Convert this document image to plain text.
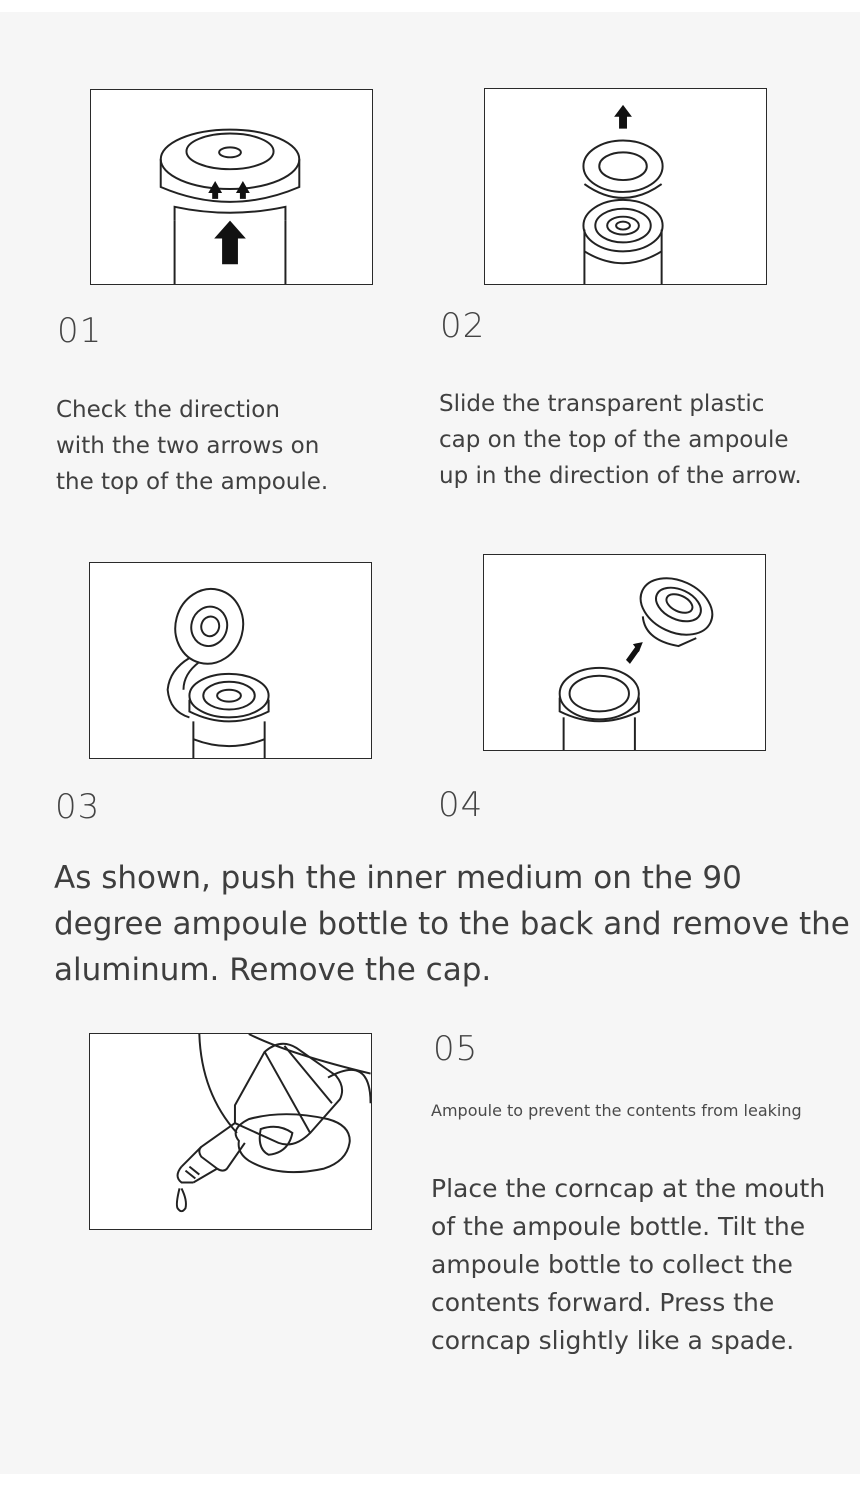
01	02
Check the direction
with the two arrows on
the top of the ampoule.
Slide the transparent plastic
cap on the top of the ampoule
up in the direction of the arrow.
03	04
As shown, push the inner medium on the 90
degree ampoule bottle to the back and remove the
aluminum. Remove the cap.
05
Ampoule to prevent the contents from leaking
Place the corncap at the mouth
of the ampoule bottle. Tilt the
ampoule bottle to collect the
contents forward. Press the
corncap slightly like a spade.
